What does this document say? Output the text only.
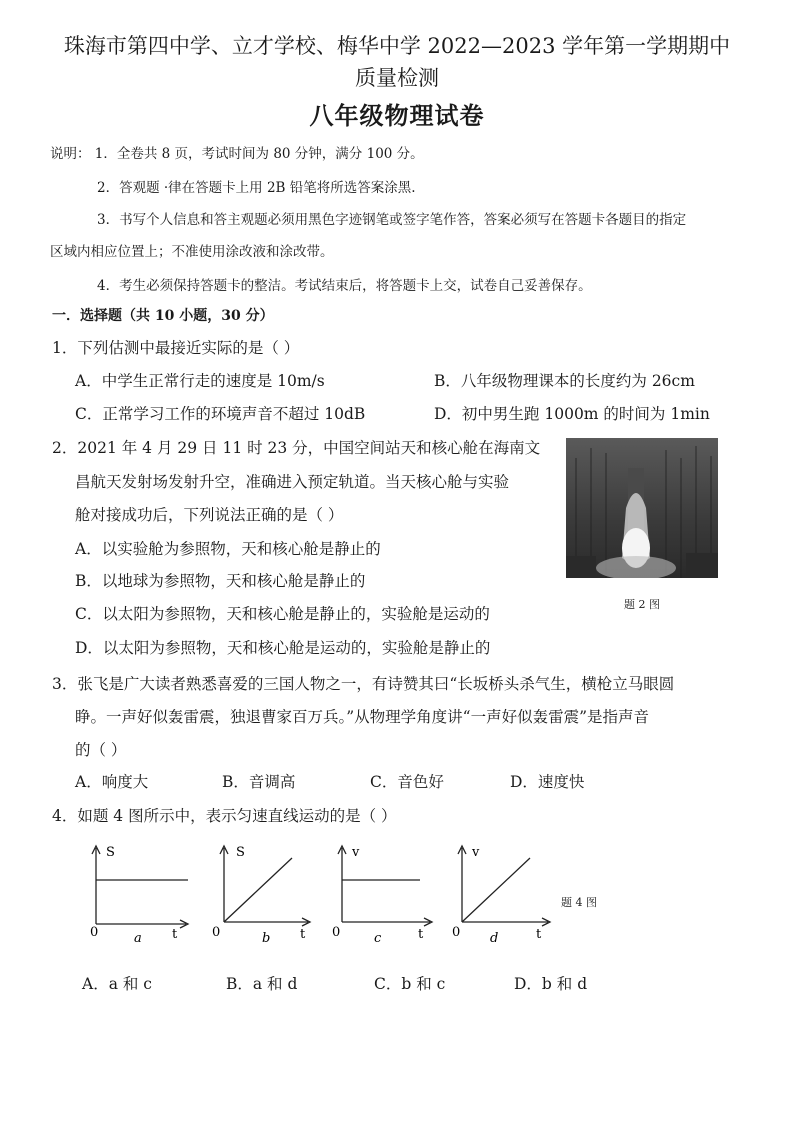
珠海市第四中学、立才学校、梅华中学 2022—2023 学年第一学期期中
质量检测
八年级物理试卷
说明： 1．全卷共 8 页，考试时间为 80 分钟，满分 100 分。
2．答观题 ·律在答题卡上用 2B 铅笔将所选答案涂黑.
3．书写个人信息和答主观题必须用黑色字迹钢笔或签字笔作答，答案必须写在答题卡各题目的指定
区域内相应位置上；不准使用涂改液和涂改带。
4．考生必须保持答题卡的整洁。考试结束后，将答题卡上交，试卷自己妥善保存。
一．选择题（共 10 小题，30 分）
1．下列估测中最接近实际的是（ ）
A．中学生正常行走的速度是 10m/s	B．八年级物理课本的长度约为 26cm
C．正常学习工作的环境声音不超过 10dB	D．初中男生跑 1000m 的时间为 1min
2．2021 年 4 月 29 日 11 时 23 分，中国空间站天和核心舱在海南文
昌航天发射场发射升空，准确进入预定轨道。当天核心舱与实验
舱对接成功后，下列说法正确的是（ ）
A．以实验舱为参照物，天和核心舱是静止的
B．以地球为参照物，天和核心舱是静止的
C．以太阳为参照物，天和核心舱是静止的，实验舱是运动的
D．以太阳为参照物，天和核心舱是运动的，实验舱是静止的
题 2 图
3．张飞是广大读者熟悉喜爱的三国人物之一，有诗赞其曰“长坂桥头杀气生，横枪立马眼圆
睁。一声好似轰雷震，独退曹家百万兵。”从物理学角度讲“一声好似轰雷震”是指声音
的（ ）
A．响度大	B．音调高	C．音色好	D．速度快
4．如题 4 图所示中，表示匀速直线运动的是（ ）
S
0	t
a
S
0	t
b
v
0	t
c
v
0	t
d
题 4 图
A．a 和 c	B．a 和 d	C．b 和 c	D．b 和 d
